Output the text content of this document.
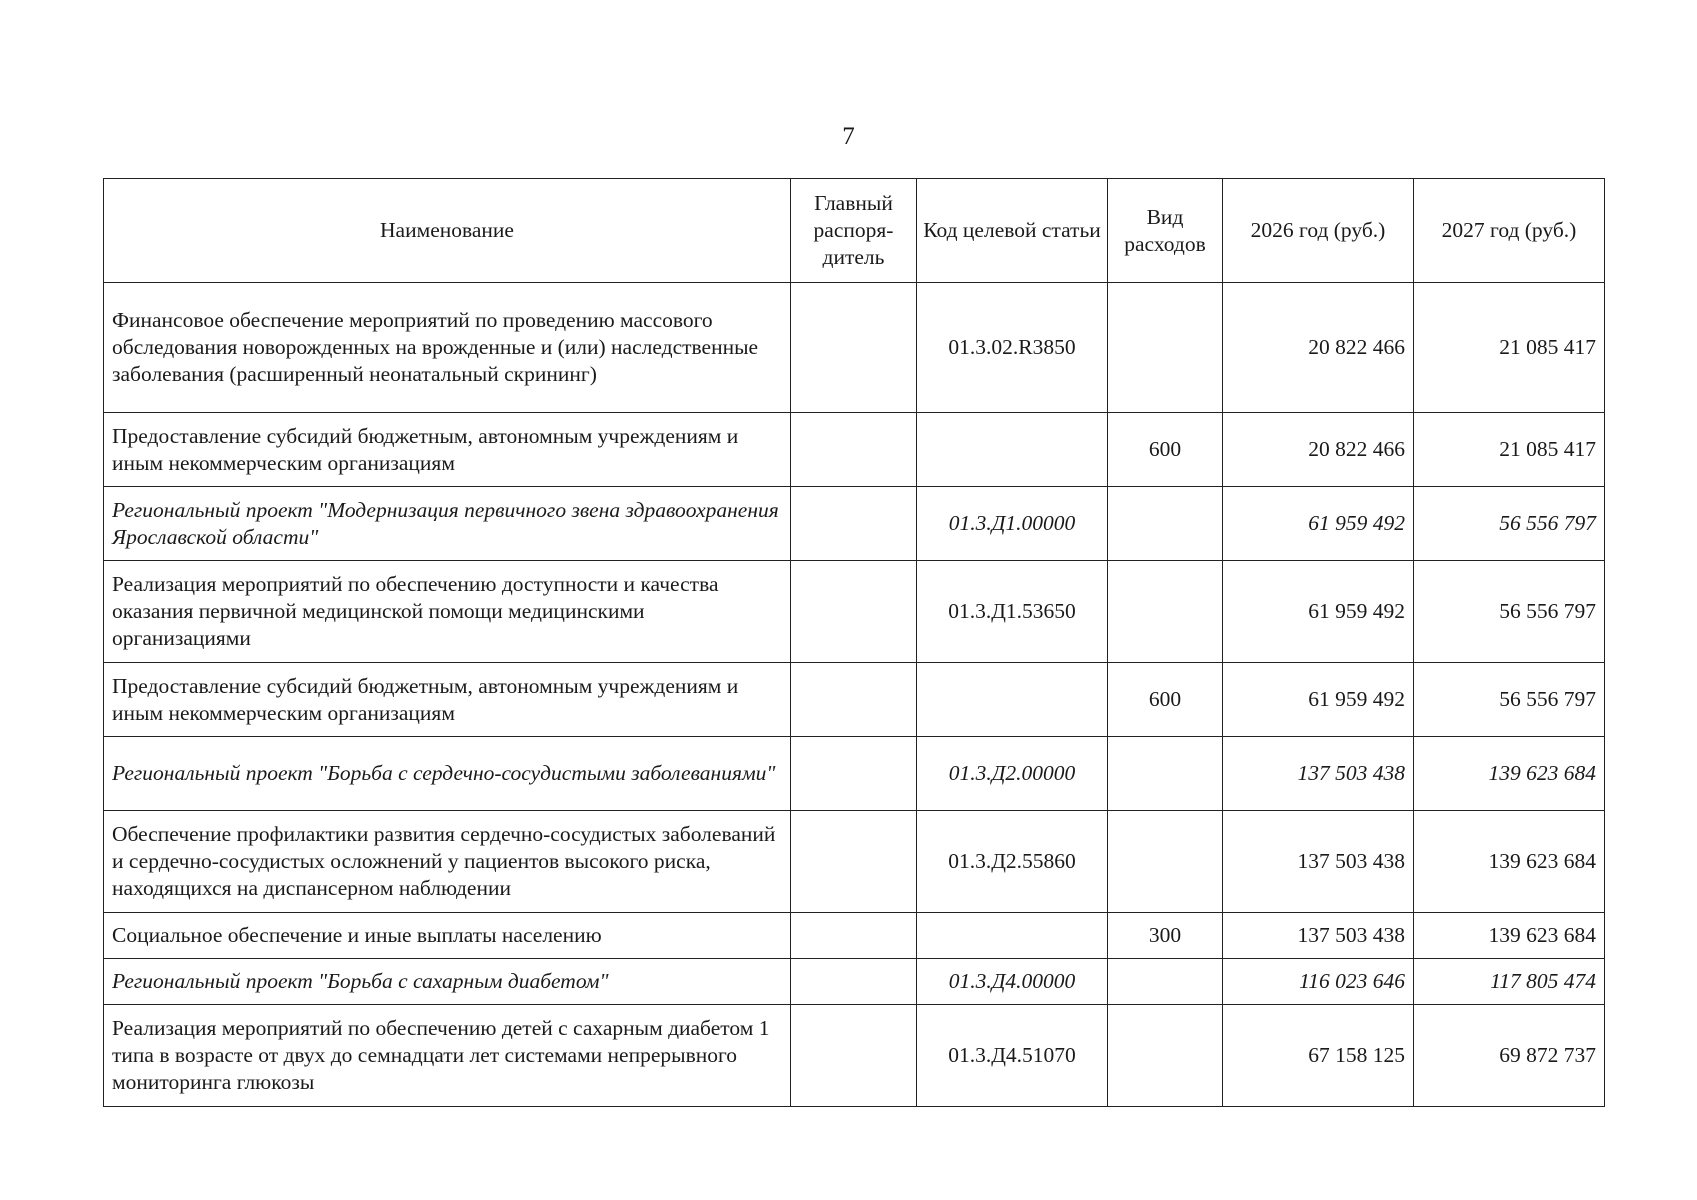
7
Наименование	Главный распоря-дитель	Код целевой статьи	Вид расходов	2026 год (руб.)	2027 год (руб.)
Финансовое обеспечение мероприятий по проведению массового обследования новорожденных на врожденные и (или) наследственные заболевания (расширенный неонатальный скрининг)		01.3.02.R3850		20 822 466	21 085 417
Предоставление субсидий бюджетным, автономным учреждениям и иным некоммерческим организациям			600	20 822 466	21 085 417
Региональный проект "Модернизация первичного звена здравоохранения Ярославской области"		01.3.Д1.00000		61 959 492	56 556 797
Реализация мероприятий по обеспечению доступности и качества оказания первичной медицинской помощи медицинскими организациями		01.3.Д1.53650		61 959 492	56 556 797
Предоставление субсидий бюджетным, автономным учреждениям и иным некоммерческим организациям			600	61 959 492	56 556 797
Региональный проект "Борьба с сердечно-сосудистыми заболеваниями"		01.3.Д2.00000		137 503 438	139 623 684
Обеспечение профилактики развития сердечно-сосудистых заболеваний и сердечно-сосудистых осложнений у пациентов высокого риска, находящихся на диспансерном наблюдении		01.3.Д2.55860		137 503 438	139 623 684
Социальное обеспечение и иные выплаты населению			300	137 503 438	139 623 684
Региональный проект "Борьба с сахарным диабетом"		01.3.Д4.00000		116 023 646	117 805 474
Реализация мероприятий по обеспечению детей с сахарным диабетом 1 типа в возрасте от двух до семнадцати лет системами непрерывного мониторинга глюкозы		01.3.Д4.51070		67 158 125	69 872 737
